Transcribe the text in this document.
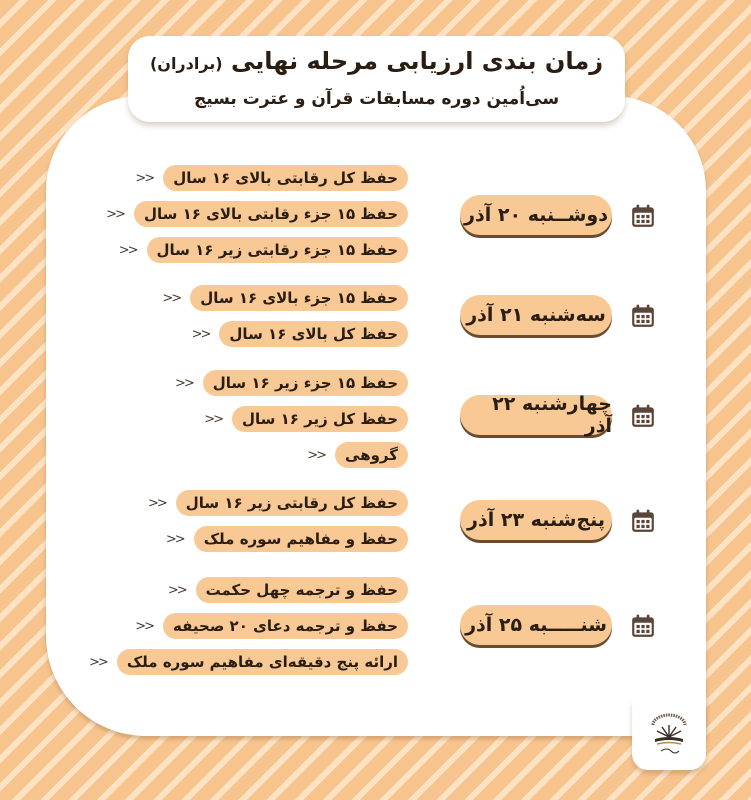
زمان بندی ارزیابی مرحله نهایی (برادران)
سی‌اُمین دوره مسابقات قرآن و عترت بسیج
دوشــنبه ۲۰ آذر
حفظ کل رقابتی بالای ۱۶ سال
<<
حفظ ۱۵ جزء رقابتی بالای ۱۶ سال
<<
حفظ ۱۵ جزء رقابتی زیر ۱۶ سال
<<
سه‌شنبه ۲۱ آذر
حفظ ۱۵ جزء بالای ۱۶ سال
<<
حفظ کل بالای ۱۶ سال
<<
چهارشنبه ۲۲ آذر
حفظ ۱۵ جزء زیر ۱۶ سال
<<
حفظ کل زیر ۱۶ سال
<<
گروهی
<<
پنج‌شنبه ۲۳ آذر
حفظ کل رقابتی زیر ۱۶ سال
<<
حفظ و مفاهیم سوره ملک
<<
شنـــــبه ۲۵ آذر
حفظ و ترجمه چهل حکمت
<<
حفظ و ترجمه دعای ۲۰ صحیفه
<<
ارائه پنج دقیقه‌ای مفاهیم سوره ملک
<<
